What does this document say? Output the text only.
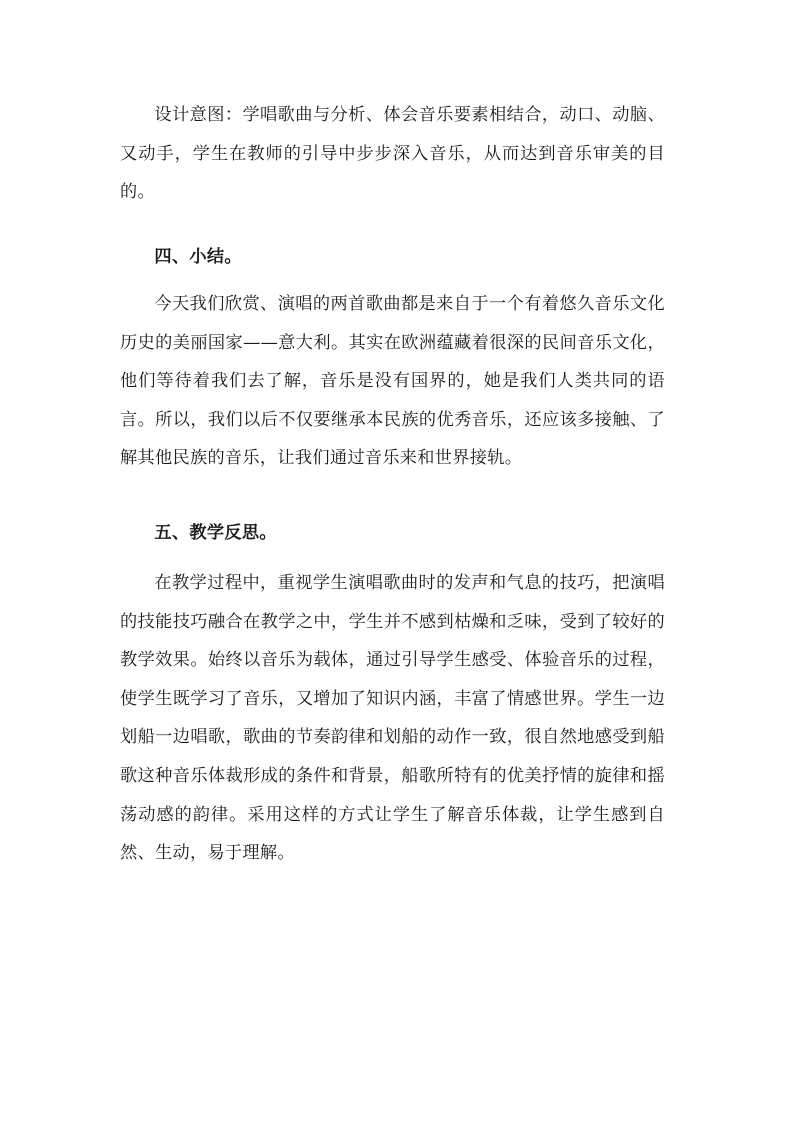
设计意图：学唱歌曲与分析、体会音乐要素相结合，动口、动脑、又动手，学生在教师的引导中步步深入音乐，从而达到音乐审美的目的。

四、小结。

今天我们欣赏、演唱的两首歌曲都是来自于一个有着悠久音乐文化历史的美丽国家——意大利。其实在欧洲蕴藏着很深的民间音乐文化，他们等待着我们去了解，音乐是没有国界的，她是我们人类共同的语言。所以，我们以后不仅要继承本民族的优秀音乐，还应该多接触、了解其他民族的音乐，让我们通过音乐来和世界接轨。

五、教学反思。

在教学过程中，重视学生演唱歌曲时的发声和气息的技巧，把演唱的技能技巧融合在教学之中，学生并不感到枯燥和乏味，受到了较好的教学效果。始终以音乐为载体，通过引导学生感受、体验音乐的过程，使学生既学习了音乐，又增加了知识内涵，丰富了情感世界。学生一边划船一边唱歌，歌曲的节奏韵律和划船的动作一致，很自然地感受到船歌这种音乐体裁形成的条件和背景，船歌所特有的优美抒情的旋律和摇荡动感的韵律。采用这样的方式让学生了解音乐体裁，让学生感到自然、生动，易于理解。
